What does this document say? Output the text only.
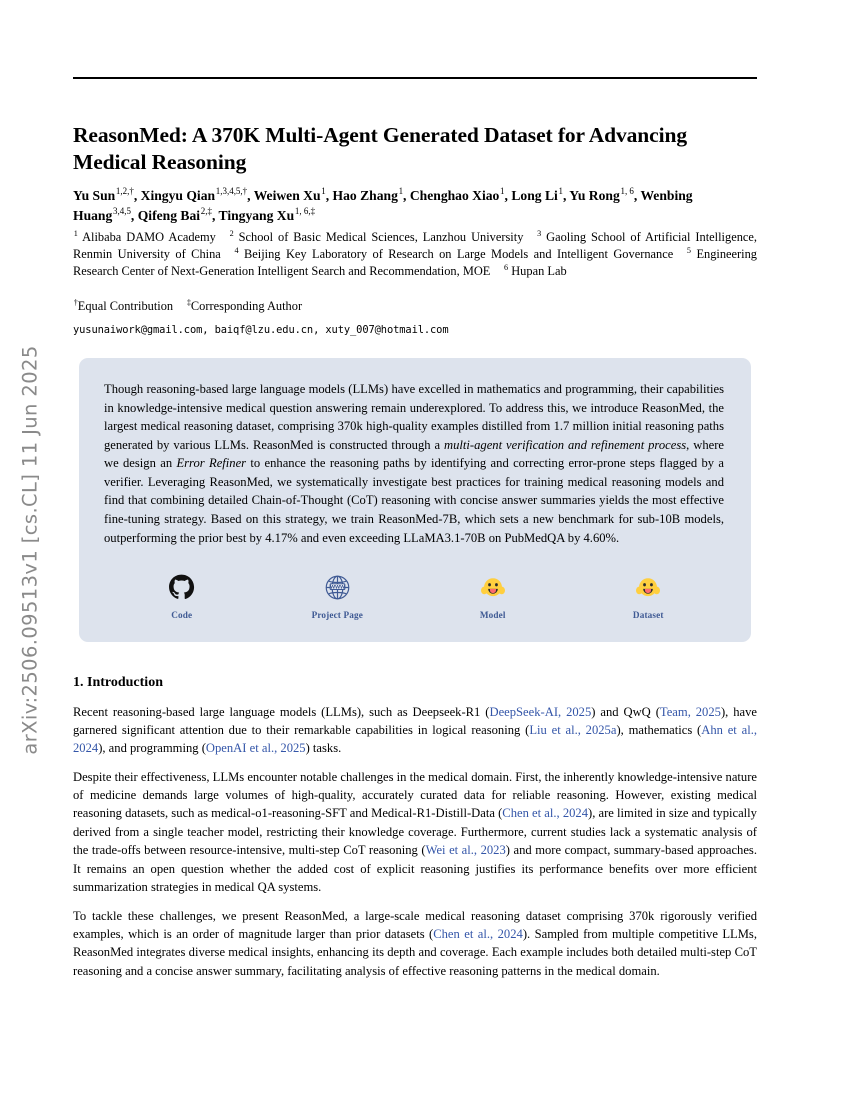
arXiv:2506.09513v1 [cs.CL] 11 Jun 2025
ReasonMed: A 370K Multi-Agent Generated Dataset for Advancing Medical Reasoning
Yu Sun$^{1,2,\dagger}$, Xingyu Qian$^{1,3,4,5,\dagger}$, Weiwen Xu$^1$, Hao Zhang$^1$, Chenghao Xiao$^1$, Long Li$^1$, Yu Rong$^{1, 6}$, Wenbing Huang$^{3,4,5}$, Qifeng Bai$^{2,\ddagger}$, Tingyang $Xu^{1, 6,\ddagger}$
$^1$ Alibaba DAMO Academy $^2$ School of Basic Medical Sciences, Lanzhou University $^3$ Gaoling School of Artificial Intelligence, Renmin University of China $^4$ Beijing Key Laboratory of Research on Large Models and Intelligent Governance $^5$ Engineering Research Center of Next-Generation Intelligent Search and Recommendation, MOE $^6$ Hupan Lab
†Equal Contribution ‡Corresponding Author
yusunaiwork@gmail.com, baiqf@lzu.edu.cn, xuty_007@hotmail.com
Though reasoning-based large language models (LLMs) have excelled in mathematics and programming, their capabilities in knowledge-intensive medical question answering remain underexplored. To address this, we introduce ReasonMed, the largest medical reasoning dataset, comprising 370k high-quality examples distilled from 1.7 million initial reasoning paths generated by various LLMs. ReasonMed is constructed through a multi-agent verification and refinement process, where we design an Error Refiner to enhance the reasoning paths by identifying and correcting error-prone steps flagged by a verifier. Leveraging ReasonMed, we systematically investigate best practices for training medical reasoning models and find that combining detailed Chain-of-Thought (CoT) reasoning with concise answer summaries yields the most effective fine-tuning strategy. Based on this strategy, we train ReasonMed-7B, which sets a new benchmark for sub-10B models, outperforming the prior best by 4.17% and even exceeding LLaMA3.1-70B on PubMedQA by 4.60%.
Code
WWW
Project Page	Model	Dataset
1. Introduction

Recent reasoning-based large language models (LLMs), such as Deepseek-R1 (DeepSeek-AI, 2025) and QwQ (Team, 2025), have garnered significant attention due to their remarkable capabilities in logical reasoning (Liu et al., 2025a), mathematics (Ahn et al., 2024), and programming (OpenAI et al., 2025) tasks.

Despite their effectiveness, LLMs encounter notable challenges in the medical domain. First, the inherently knowledge-intensive nature of medicine demands large volumes of high-quality, accurately curated data for reliable reasoning. However, existing medical reasoning datasets, such as medical-o1-reasoning-SFT and Medical-R1-Distill-Data (Chen et al., 2024), are limited in size and typically derived from a single teacher model, restricting their knowledge coverage. Furthermore, current studies lack a systematic analysis of the trade-offs between resource-intensive, multi-step CoT reasoning (Wei et al., 2023) and more compact, summary-based approaches. It remains an open question whether the added cost of explicit reasoning justifies its performance benefits over more efficient summarization strategies in medical QA systems.

To tackle these challenges, we present ReasonMed, a large-scale medical reasoning dataset comprising 370k rigorously verified examples, which is an order of magnitude larger than prior datasets (Chen et al., 2024). Sampled from multiple competitive LLMs, ReasonMed integrates diverse medical insights, enhancing its depth and coverage. Each example includes both detailed multi-step CoT reasoning and a concise answer summary, facilitating analysis of effective reasoning patterns in the medical domain.
